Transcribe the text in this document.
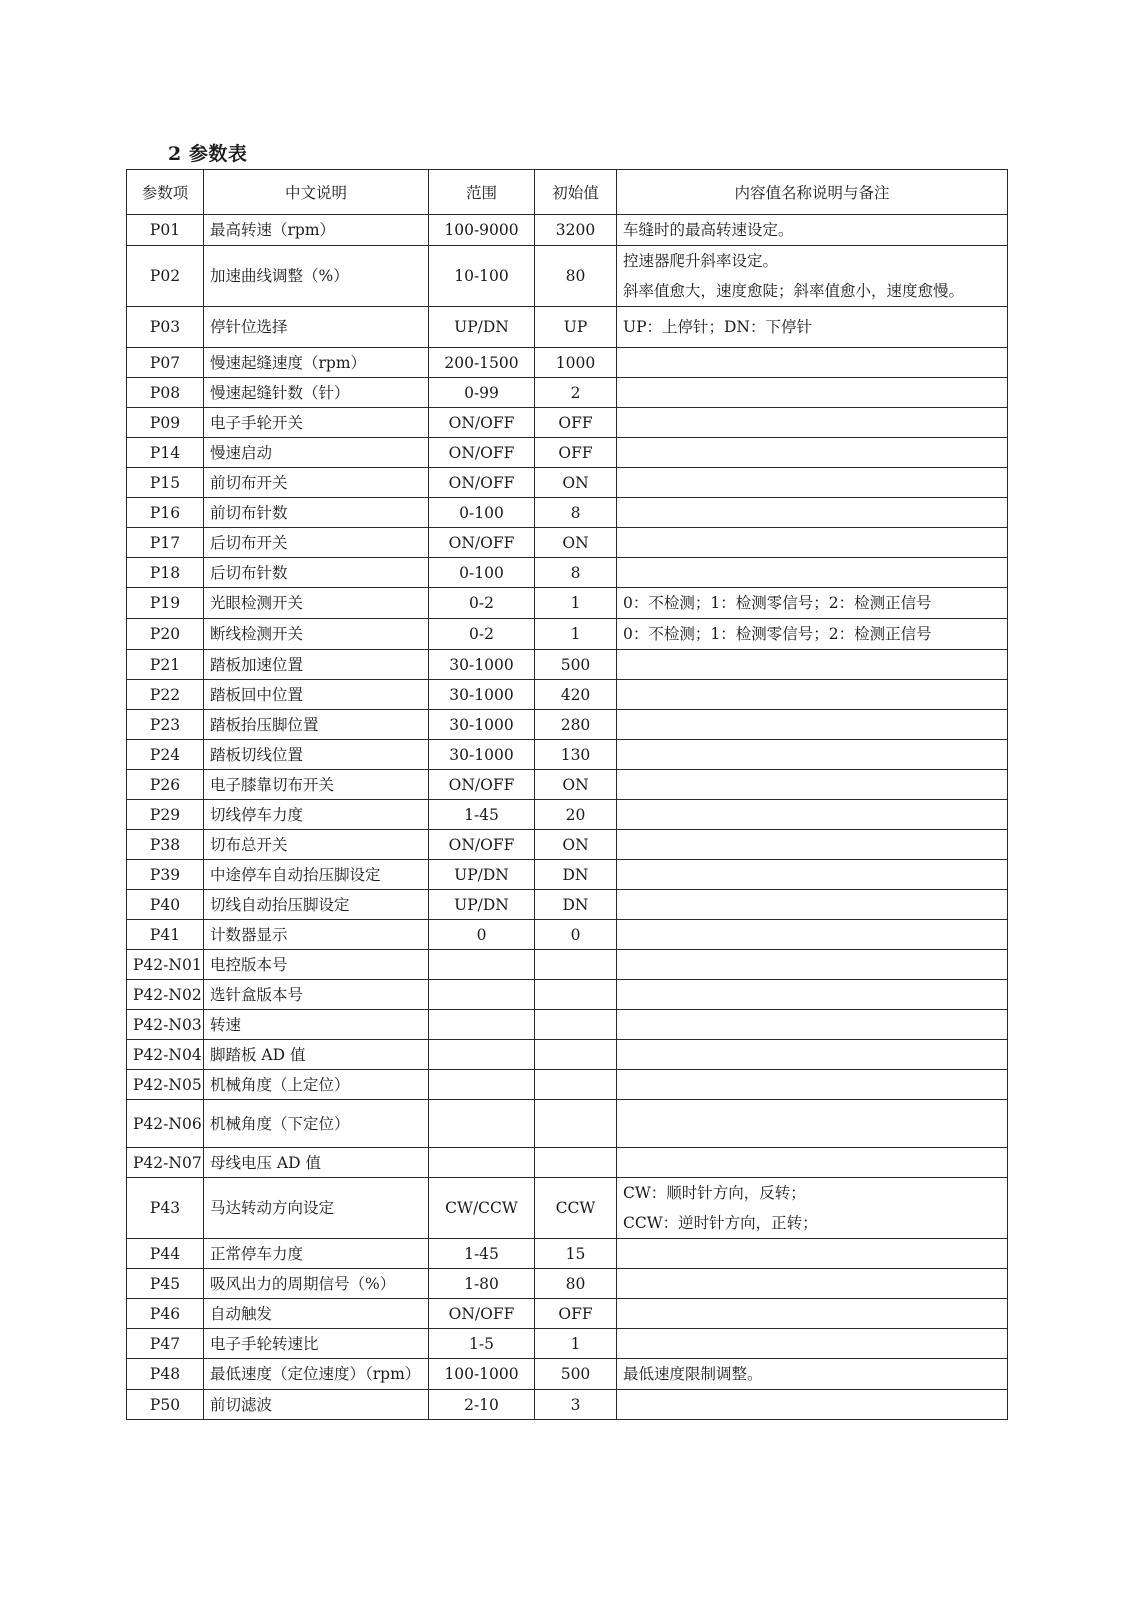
2 参数表
参数项	中文说明	范围	初始值	内容值名称说明与备注
P01	最高转速（rpm）	100-9000	3200	车缝时的最高转速设定。

P02	加速曲线调整（%）	10-100	80	控速器爬升斜率设定。
斜率值愈大，速度愈陡；斜率值愈小，速度愈慢。

P03	停针位选择	UP/DN	UP	UP：上停针；DN：下停针

P07	慢速起缝速度（rpm）	200-1500	1000	
P08	慢速起缝针数（针）	0-99	2	
P09	电子手轮开关	ON/OFF	OFF	
P14	慢速启动	ON/OFF	OFF	
P15	前切布开关	ON/OFF	ON	
P16	前切布针数	0-100	8	
P17	后切布开关	ON/OFF	ON	
P18	后切布针数	0-100	8	
P19	光眼检测开关	0-2	1	0：不检测；1：检测零信号；2：检测正信号

P20	断线检测开关	0-2	1	0：不检测；1：检测零信号；2：检测正信号

P21	踏板加速位置	30-1000	500	
P22	踏板回中位置	30-1000	420	
P23	踏板抬压脚位置	30-1000	280	
P24	踏板切线位置	30-1000	130	
P26	电子膝靠切布开关	ON/OFF	ON	
P29	切线停车力度	1-45	20	
P38	切布总开关	ON/OFF	ON	
P39	中途停车自动抬压脚设定	UP/DN	DN	
P40	切线自动抬压脚设定	UP/DN	DN	
P41	计数器显示	0	0	
P42-N01	电控版本号			
P42-N02	选针盒版本号			
P42-N03	转速			
P42-N04	脚踏板 AD 值			
P42-N05	机械角度（上定位）			
P42-N06	机械角度（下定位）			
P42-N07	母线电压 AD 值			
P43	马达转动方向设定	CW/CCW	CCW	CW：顺时针方向，反转；
CCW：逆时针方向，正转；

P44	正常停车力度	1-45	15	
P45	吸风出力的周期信号（%）	1-80	80	
P46	自动触发	ON/OFF	OFF	
P47	电子手轮转速比	1-5	1	
P48	最低速度（定位速度）（rpm）	100-1000	500	最低速度限制调整。

P50	前切滤波	2-10	3	
